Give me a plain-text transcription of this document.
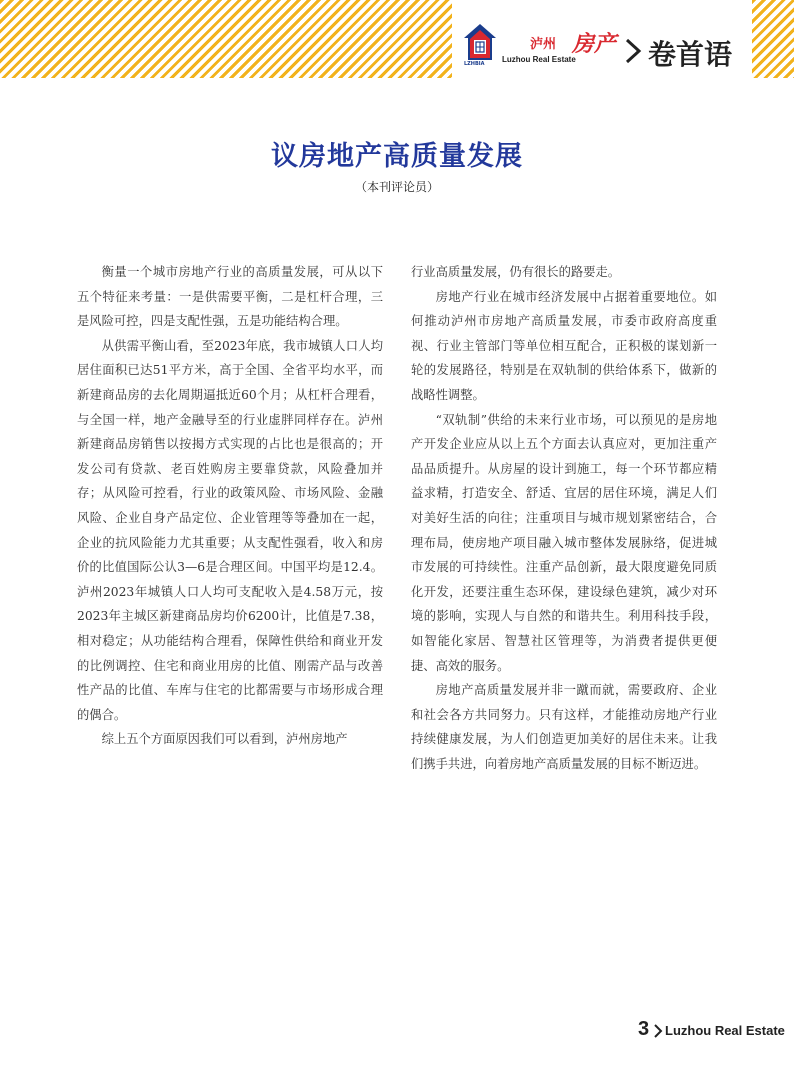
LZHBIA
泸州 房产
Luzhou Real Estate	卷首语
议房地产高质量发展
（本刊评论员）

衡量一个城市房地产行业的高质量发展，可从以下五个特征来考量：一是供需要平衡，二是杠杆合理，三是风险可控，四是支配性强，五是功能结构合理。

从供需平衡山看，至2023年底，我市城镇人口人均居住面积已达51平方米，高于全国、全省平均水平，而新建商品房的去化周期逼抵近60个月；从杠杆合理看，与全国一样，地产金融导至的行业虚胖同样存在。泸州新建商品房销售以按揭方式实现的占比也是很高的；开发公司有贷款、老百姓购房主要靠贷款，风险叠加并存；从风险可控看，行业的政策风险、市场风险、金融风险、企业自身产品定位、企业管理等等叠加在一起，企业的抗风险能力尤其重要；从支配性强看，收入和房价的比值国际公认3—6是合理区间。中国平均是12.4。泸州2023年城镇人口人均可支配收入是4.58万元，按2023年主城区新建商品房均价6200计，比值是7.38，相对稳定；从功能结构合理看，保障性供给和商业开发的比例调控、住宅和商业用房的比值、刚需产品与改善性产品的比值、车库与住宅的比都需要与市场形成合理的偶合。

综上五个方面原因我们可以看到，泸州房地产

行业高质量发展，仍有很长的路要走。

房地产行业在城市经济发展中占据着重要地位。如何推动泸州市房地产高质量发展，市委市政府高度重视、行业主管部门等单位相互配合，正积极的谋划新一轮的发展路径，特别是在双轨制的供给体系下，做新的战略性调整。

“双轨制”供给的未来行业市场，可以预见的是房地产开发企业应从以上五个方面去认真应对，更加注重产品品质提升。从房屋的设计到施工，每一个环节都应精益求精，打造安全、舒适、宜居的居住环境，满足人们对美好生活的向往；注重项目与城市规划紧密结合，合理布局，使房地产项目融入城市整体发展脉络，促进城市发展的可持续性。注重产品创新，最大限度避免同质化开发，还要注重生态环保，建设绿色建筑，减少对环境的影响，实现人与自然的和谐共生。利用科技手段，如智能化家居、智慧社区管理等，为消费者提供更便捷、高效的服务。

房地产高质量发展并非一蹴而就，需要政府、企业和社会各方共同努力。只有这样，才能推动房地产行业持续健康发展，为人们创造更加美好的居住未来。让我们携手共进，向着房地产高质量发展的目标不断迈进。

3 Luzhou Real Estate
